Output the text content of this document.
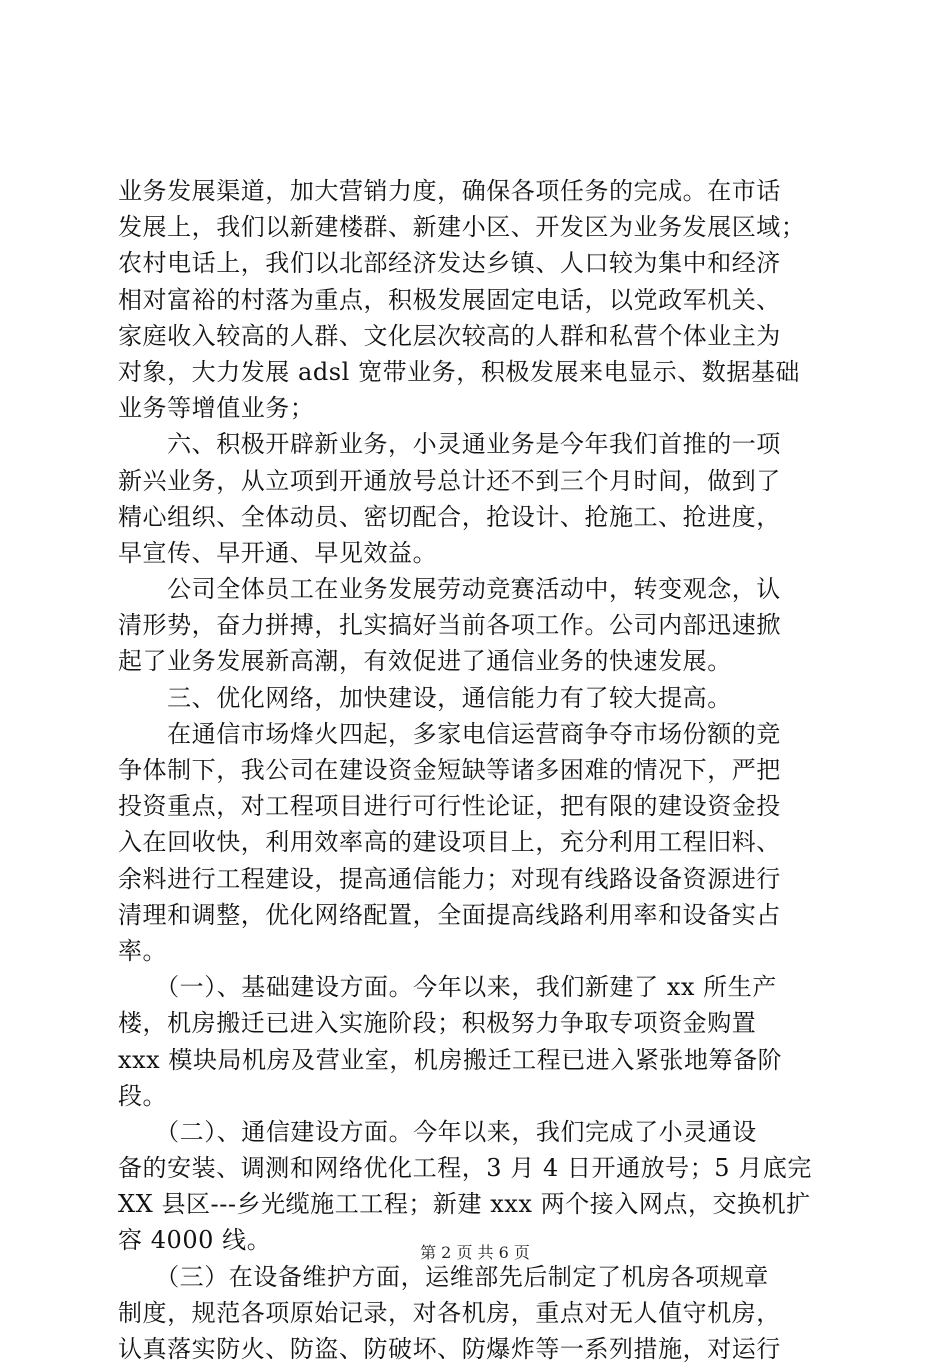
业务发展渠道，加大营销力度，确保各项任务的完成。在市话
发展上，我们以新建楼群、新建小区、开发区为业务发展区域；
农村电话上，我们以北部经济发达乡镇、人口较为集中和经济
相对富裕的村落为重点，积极发展固定电话，以党政军机关、
家庭收入较高的人群、文化层次较高的人群和私营个体业主为
对象，大力发展 adsl 宽带业务，积极发展来电显示、数据基础
业务等增值业务；
　　六、积极开辟新业务，小灵通业务是今年我们首推的一项
新兴业务，从立项到开通放号总计还不到三个月时间，做到了
精心组织、全体动员、密切配合，抢设计、抢施工、抢进度，
早宣传、早开通、早见效益。
　　公司全体员工在业务发展劳动竞赛活动中，转变观念，认
清形势，奋力拼搏，扎实搞好当前各项工作。公司内部迅速掀
起了业务发展新高潮，有效促进了通信业务的快速发展。
　　三、优化网络，加快建设，通信能力有了较大提高。
　　在通信市场烽火四起，多家电信运营商争夺市场份额的竞
争体制下，我公司在建设资金短缺等诸多困难的情况下，严把
投资重点，对工程项目进行可行性论证，把有限的建设资金投
入在回收快，利用效率高的建设项目上，充分利用工程旧料、
余料进行工程建设，提高通信能力；对现有线路设备资源进行
清理和调整，优化网络配置，全面提高线路利用率和设备实占
率。
　　（一）、基础建设方面。今年以来，我们新建了 xx 所生产
楼，机房搬迁已进入实施阶段；积极努力争取专项资金购置
xxx 模块局机房及营业室，机房搬迁工程已进入紧张地筹备阶
段。
　　（二）、通信建设方面。今年以来，我们完成了小灵通设
备的安装、调测和网络优化工程，3 月 4 日开通放号；5 月底完
XX 县区---乡光缆施工工程；新建 xxx 两个接入网点，交换机扩
容 4000 线。
　　（三）在设备维护方面，运维部先后制定了机房各项规章
制度，规范各项原始记录，对各机房，重点对无人值守机房，
认真落实防火、防盗、防破坏、防爆炸等一系列措施，对运行
第 2 页 共 6 页
